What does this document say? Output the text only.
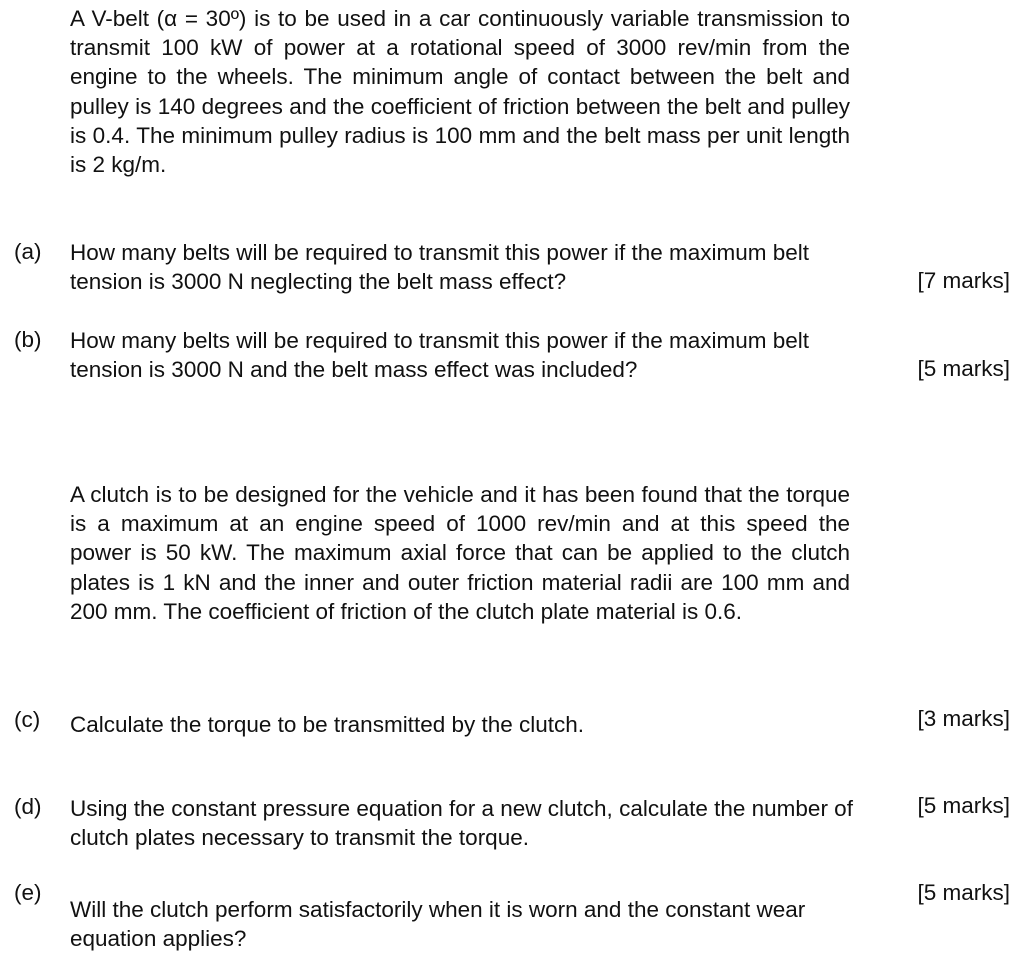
A V-belt (α = 30º) is to be used in a car continuously variable transmission to transmit 100 kW of power at a rotational speed of 3000 rev/min from the engine to the wheels. The minimum angle of contact between the belt and pulley is 140 degrees and the coefficient of friction between the belt and pulley is 0.4. The minimum pulley radius is 100 mm and the belt mass per unit length is 2 kg/m.

(a) How many belts will be required to transmit this power if the maximum belt tension is 3000 N neglecting the belt mass effect?	[7 marks]
(b) How many belts will be required to transmit this power if the maximum belt tension is 3000 N and the belt mass effect was included?	[5 marks]

A clutch is to be designed for the vehicle and it has been found that the torque is a maximum at an engine speed of 1000 rev/min and at this speed the power is 50 kW. The maximum axial force that can be applied to the clutch plates is 1 kN and the inner and outer friction material radii are 100 mm and 200 mm. The coefficient of friction of the clutch plate material is 0.6.

(c) Calculate the torque to be transmitted by the clutch.	[3 marks]
(d) Using the constant pressure equation for a new clutch, calculate the number of clutch plates necessary to transmit the torque.
[5 marks]
(e)
Will the clutch perform satisfactorily when it is worn and the constant wear equation applies?
[5 marks]
